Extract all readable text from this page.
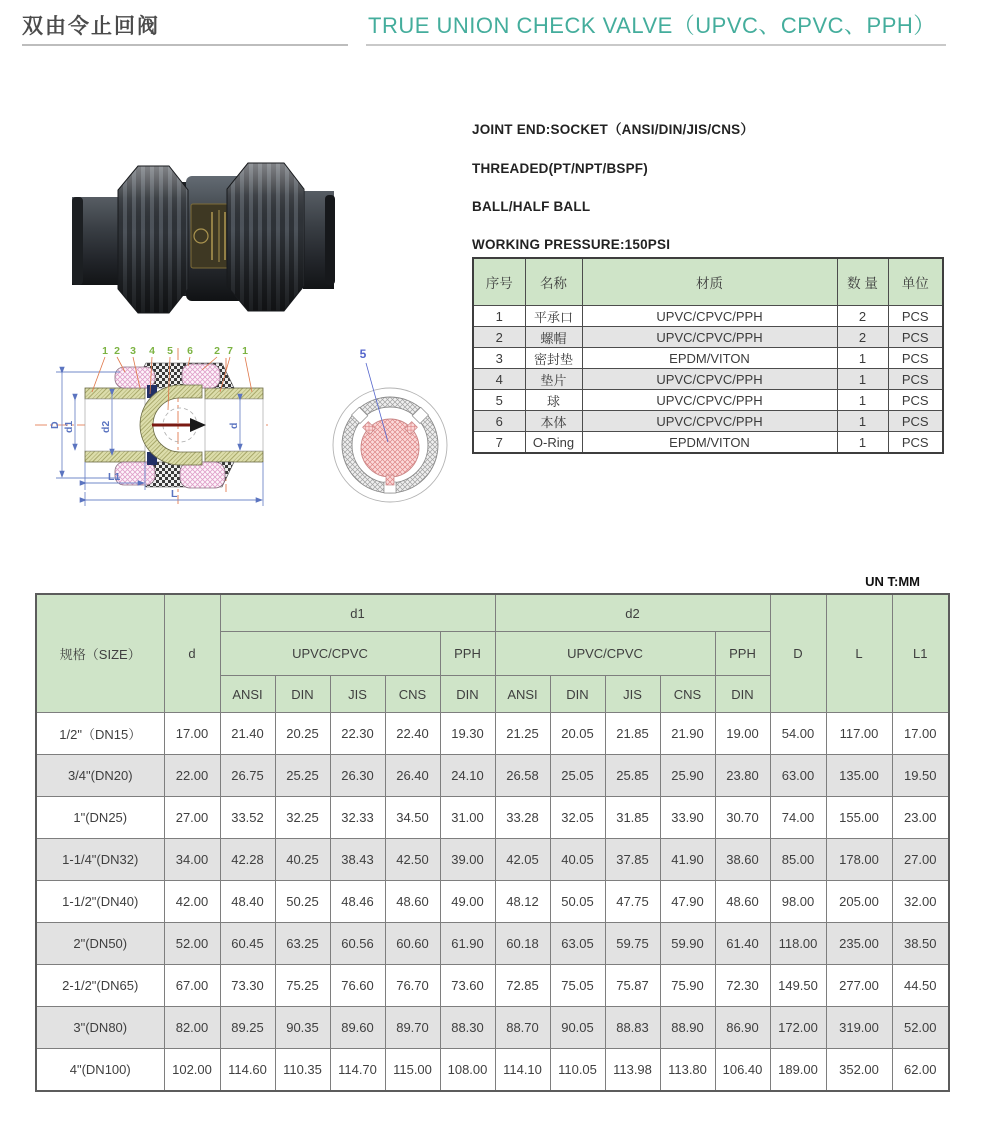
双由令止回阀	TRUE UNION CHECK VALVE（UPVC、CPVC、PPH）
JOINT END:SOCKET（ANSI/DIN/JIS/CNS）
THREADED(PT/NPT/BSPF)
BALL/HALF BALL
WORKING PRESSURE:150PSI
序号	名称	材质	数 量	单位
1	平承口	UPVC/CPVC/PPH	2	PCS
2	螺帽	UPVC/CPVC/PPH	2	PCS
3	密封垫	EPDM/VITON	1	PCS
4	垫片	UPVC/CPVC/PPH	1	PCS
5	球	UPVC/CPVC/PPH	1	PCS
6	本体	UPVC/CPVC/PPH	1	PCS
7	O-Ring	EPDM/VITON	1	PCS
D d1 d2	d
L1
L
1 2 3 4 5 6 2 7 1	5
UN T:MM
规格（SIZE）	d	d1					d2					D	L	L1
		UPVC/CPVC				PPH	UPVC/CPVC				PPH			
		ANSI	DIN	JIS	CNS	DIN	ANSI	DIN	JIS	CNS	DIN			
1/2"（DN15）	17.00	21.40	20.25	22.30	22.40	19.30	21.25	20.05	21.85	21.90	19.00	54.00	117.00	17.00
3/4"(DN20)	22.00	26.75	25.25	26.30	26.40	24.10	26.58	25.05	25.85	25.90	23.80	63.00	135.00	19.50
1"(DN25)	27.00	33.52	32.25	32.33	34.50	31.00	33.28	32.05	31.85	33.90	30.70	74.00	155.00	23.00
1-1/4"(DN32)	34.00	42.28	40.25	38.43	42.50	39.00	42.05	40.05	37.85	41.90	38.60	85.00	178.00	27.00
1-1/2"(DN40)	42.00	48.40	50.25	48.46	48.60	49.00	48.12	50.05	47.75	47.90	48.60	98.00	205.00	32.00
2"(DN50)	52.00	60.45	63.25	60.56	60.60	61.90	60.18	63.05	59.75	59.90	61.40	118.00	235.00	38.50
2-1/2"(DN65)	67.00	73.30	75.25	76.60	76.70	73.60	72.85	75.05	75.87	75.90	72.30	149.50	277.00	44.50
3"(DN80)	82.00	89.25	90.35	89.60	89.70	88.30	88.70	90.05	88.83	88.90	86.90	172.00	319.00	52.00
4"(DN100)	102.00	114.60	110.35	114.70	115.00	108.00	114.10	110.05	113.98	113.80	106.40	189.00	352.00	62.00
